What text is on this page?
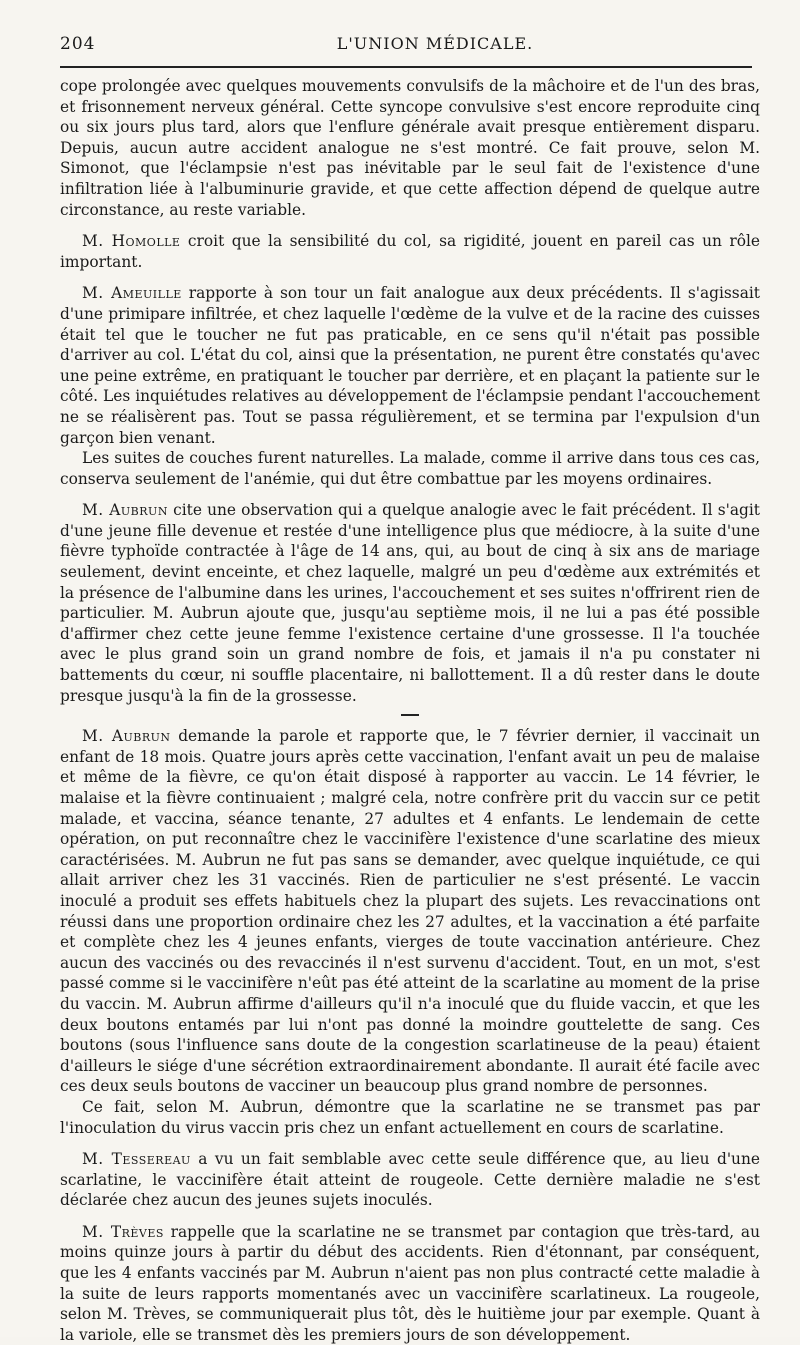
204	L'UNION MÉDICALE.

cope prolongée avec quelques mouvements convulsifs de la mâchoire et de l'un des bras, et frisonnement nerveux général. Cette syncope convulsive s'est encore reproduite cinq ou six jours plus tard, alors que l'enflure générale avait presque entièrement disparu. Depuis, aucun autre accident analogue ne s'est montré. Ce fait prouve, selon M. Simonot, que l'éclampsie n'est pas inévitable par le seul fait de l'existence d'une infiltration liée à l'albuminurie gravide, et que cette affection dépend de quelque autre circonstance, au reste variable.

M. Homolle croit que la sensibilité du col, sa rigidité, jouent en pareil cas un rôle important.

M. Ameuille rapporte à son tour un fait analogue aux deux précédents. Il s'agissait d'une primipare infiltrée, et chez laquelle l'œdème de la vulve et de la racine des cuisses était tel que le toucher ne fut pas praticable, en ce sens qu'il n'était pas possible d'arriver au col. L'état du col, ainsi que la présentation, ne purent être constatés qu'avec une peine extrême, en pratiquant le toucher par derrière, et en plaçant la patiente sur le côté. Les inquiétudes relatives au développement de l'éclampsie pendant l'accouchement ne se réalisèrent pas. Tout se passa régulièrement, et se termina par l'expulsion d'un garçon bien venant.

Les suites de couches furent naturelles. La malade, comme il arrive dans tous ces cas, conserva seulement de l'anémie, qui dut être combattue par les moyens ordinaires.

M. Aubrun cite une observation qui a quelque analogie avec le fait précédent. Il s'agit d'une jeune fille devenue et restée d'une intelligence plus que médiocre, à la suite d'une fièvre typhoïde contractée à l'âge de 14 ans, qui, au bout de cinq à six ans de mariage seulement, devint enceinte, et chez laquelle, malgré un peu d'œdème aux extrémités et la présence de l'albumine dans les urines, l'accouchement et ses suites n'offrirent rien de particulier. M. Aubrun ajoute que, jusqu'au septième mois, il ne lui a pas été possible d'affirmer chez cette jeune femme l'existence certaine d'une grossesse. Il l'a touchée avec le plus grand soin un grand nombre de fois, et jamais il n'a pu constater ni battements du cœur, ni souffle placentaire, ni ballottement. Il a dû rester dans le doute presque jusqu'à la fin de la grossesse.

M. Aubrun demande la parole et rapporte que, le 7 février dernier, il vaccinait un enfant de 18 mois. Quatre jours après cette vaccination, l'enfant avait un peu de malaise et même de la fièvre, ce qu'on était disposé à rapporter au vaccin. Le 14 février, le malaise et la fièvre continuaient ; malgré cela, notre confrère prit du vaccin sur ce petit malade, et vaccina, séance tenante, 27 adultes et 4 enfants. Le lendemain de cette opération, on put reconnaître chez le vaccinifère l'existence d'une scarlatine des mieux caractérisées. M. Aubrun ne fut pas sans se demander, avec quelque inquiétude, ce qui allait arriver chez les 31 vaccinés. Rien de particulier ne s'est présenté. Le vaccin inoculé a produit ses effets habituels chez la plupart des sujets. Les revaccinations ont réussi dans une proportion ordinaire chez les 27 adultes, et la vaccination a été parfaite et complète chez les 4 jeunes enfants, vierges de toute vaccination antérieure. Chez aucun des vaccinés ou des revaccinés il n'est survenu d'accident. Tout, en un mot, s'est passé comme si le vaccinifère n'eût pas été atteint de la scarlatine au moment de la prise du vaccin. M. Aubrun affirme d'ailleurs qu'il n'a inoculé que du fluide vaccin, et que les deux boutons entamés par lui n'ont pas donné la moindre gouttelette de sang. Ces boutons (sous l'influence sans doute de la congestion scarlatineuse de la peau) étaient d'ailleurs le siége d'une sécrétion extraordinairement abondante. Il aurait été facile avec ces deux seuls boutons de vacciner un beaucoup plus grand nombre de personnes.

Ce fait, selon M. Aubrun, démontre que la scarlatine ne se transmet pas par l'inoculation du virus vaccin pris chez un enfant actuellement en cours de scarlatine.

M. Tessereau a vu un fait semblable avec cette seule différence que, au lieu d'une scarlatine, le vaccinifère était atteint de rougeole. Cette dernière maladie ne s'est déclarée chez aucun des jeunes sujets inoculés.

M. Trèves rappelle que la scarlatine ne se transmet par contagion que très-tard, au moins quinze jours à partir du début des accidents. Rien d'étonnant, par conséquent, que les 4 enfants vaccinés par M. Aubrun n'aient pas non plus contracté cette maladie à la suite de leurs rapports momentanés avec un vaccinifère scarlatineux. La rougeole, selon M. Trèves, se communiquerait plus tôt, dès le huitième jour par exemple. Quant à la variole, elle se transmet dès les premiers jours de son développement.
